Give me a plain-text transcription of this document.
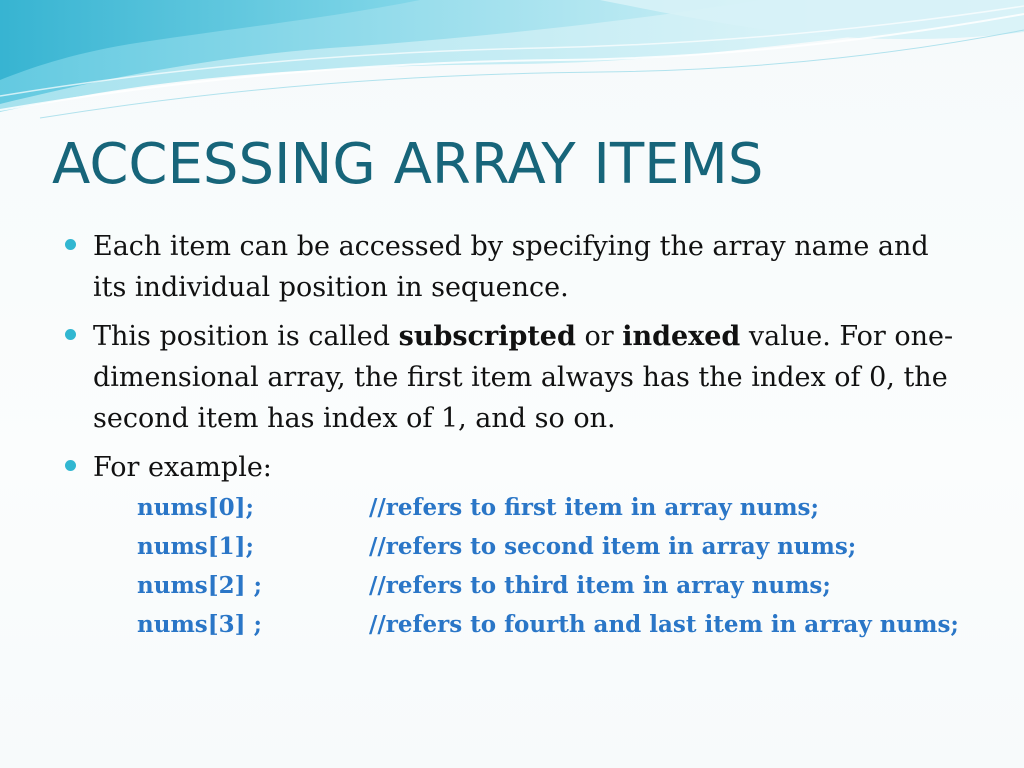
ACCESSING ARRAY ITEMS
Each item can be accessed by specifying the array name and its individual position in sequence.
This position is called subscripted or indexed value. For one-dimensional array, the first item always has the index of 0, the second item has index of 1, and so on.
For example:
nums[0];	//refers to first item in array nums;
nums[1];	//refers to second item in array nums;
nums[2] ;	//refers to third item in array nums;
nums[3] ;	//refers to fourth and last item in array nums;
